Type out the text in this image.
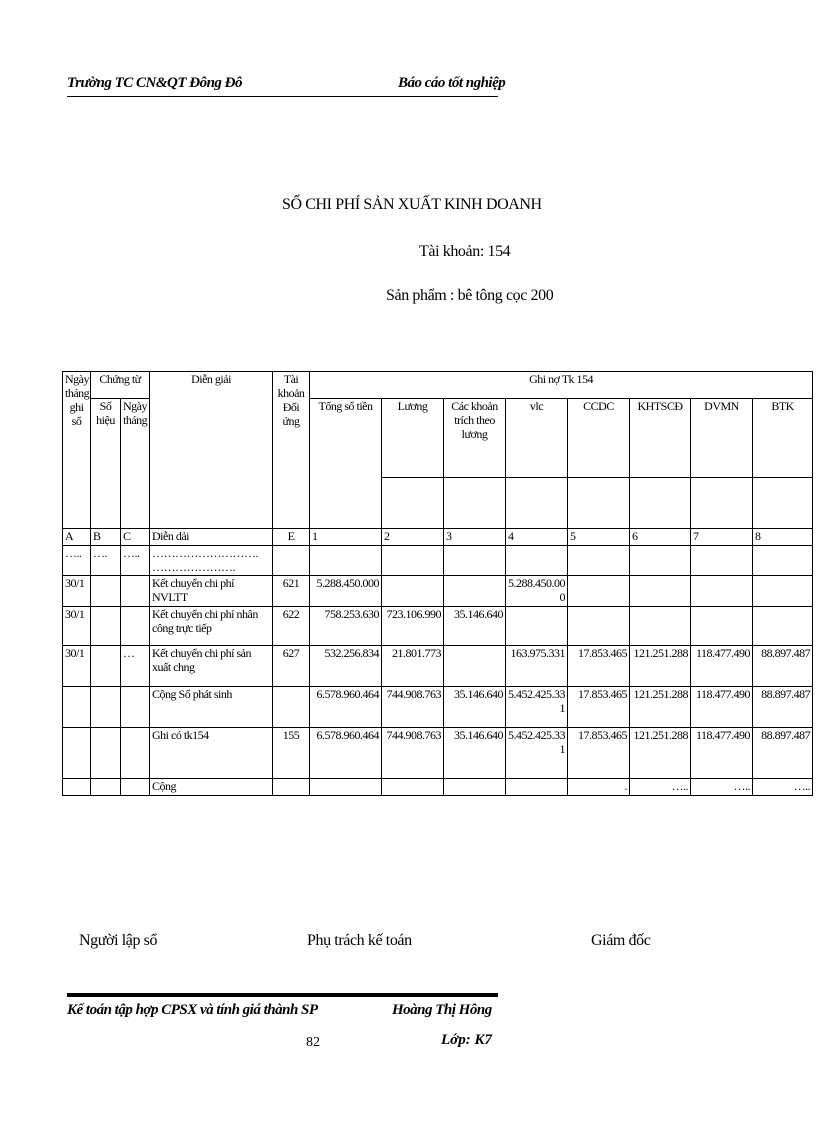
Trường TC CN&QT Đông Đô	Báo cáo tốt nghiệp
SỔ CHI PHÍ SẢN XUẤT KINH DOANH
Tài khoản: 154
Sản phẩm : bê tông cọc 200
Ngày tháng ghi sổ	Chứng từ		Diễn giải	Tài khoản Đối ứng	Ghi nợ Tk 154							
	Số hiệu	Ngày tháng			Tổng số tiền	Lương	Các khoản trích theo lương	vlc	CCDC	KHTSCĐ	DVMN	BTK

A	B	C	Diễn dải	E	1	2	3	4	5	6	7	8
…..	….	…..	………………………. ………………….									
30/1			Kết chuyển chi phí NVLTT	621	5.288.450.000			5.288.450.000				
30/1			Kết chuyển chi phí nhân công trực tiếp	622	758.253.630	723.106.990	35.146.640					
30/1		…	Kết chuyển chi phí sản xuất chng	627	532.256.834	21.801.773		163.975.331	17.853.465	121.251.288	118.477.490	88.897.487
			Cộng Số phát sinh		6.578.960.464	744.908.763	35.146.640	5.452.425.331	17.853.465	121.251.288	118.477.490	88.897.487
			Ghi có tk154	155	6.578.960.464	744.908.763	35.146.640	5.452.425.331	17.853.465	121.251.288	118.477.490	88.897.487
			Cộng						.	…..	…..	…..
Người lập sổ	Phụ trách kế toán	Giám đốc
Kế toán tập hợp CPSX và tính giá thành SP	Hoàng Thị Hông
82	Lớp: K7
